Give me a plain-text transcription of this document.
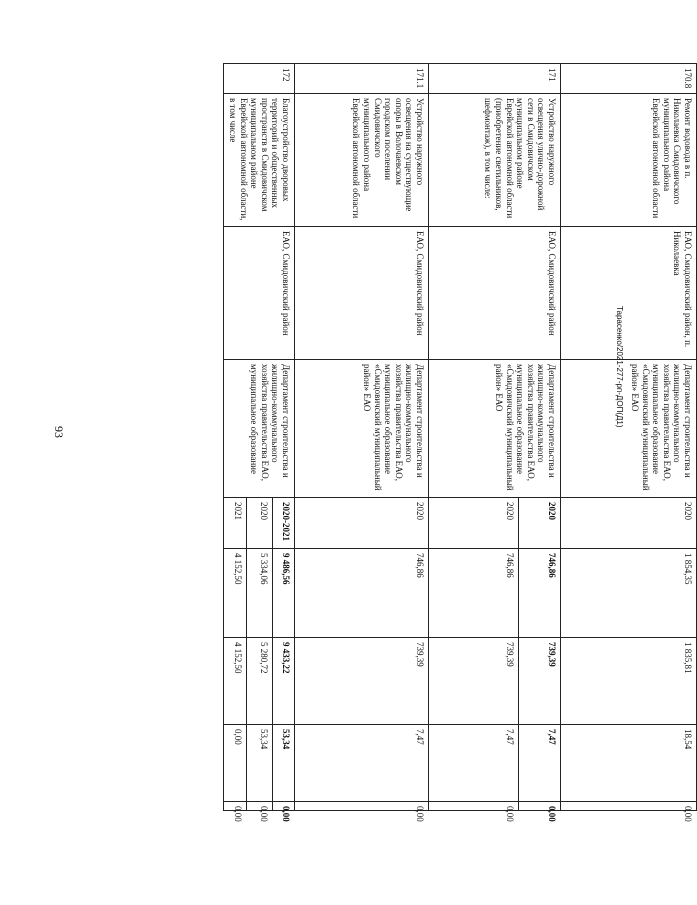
93
Тарасенко/2021-277-рп-ДОП(Д1)
170.8	Ремонт водовода в п. Николаевка Смидовичского муниципального района Еврейской автономной области	ЕАО, Смидовичский район, п. Николаевка	Департамент строительства и жилищно-коммунального хозяйства правительства ЕАО, муниципальное образование «Смидовичский муниципальный район» ЕАО	2020	1 854,35	1 835,81	18,54	0,00
171	Устройство наружного освещения улично-дорожной сети в Смидовичском муниципальном районе Еврейской автономной области (приобретение светильников, шефмонтаж), в том числе:	ЕАО, Смидовичский район	Департамент строительства и жилищно-коммунального хозяйства правительства ЕАО, муниципальное образование «Смидовичский муниципальный район» ЕАО	2020	746,86	739,39	7,47	0,00
				2020	746,86	739,39	7,47	0,00
171.1	Устройство наружного освещения на существующие опоры в Волочаевском городском поселении Смидовичского муниципального района Еврейской автономной области	ЕАО, Смидовичский район	Департамент строительства и жилищно-коммунального хозяйства правительства ЕАО, муниципальное образование «Смидовичский муниципальный район» ЕАО	2020	746,86	739,39	7,47	0,00
172	Благоустройство дворовых территорий и общественных пространств в Смидовичском муниципальном районе Еврейской автономной области, в том числе	ЕАО, Смидовичский район	Департамент строительства и жилищно-коммунального хозяйства правительства ЕАО, муниципальное образование	2020-2021	9 486,56	9 433,22	53,34	0,00
				2020	5 334,06	5 280,72	53,34	0,00
				2021	4 152,50	4 152,50	0,00	0,00
